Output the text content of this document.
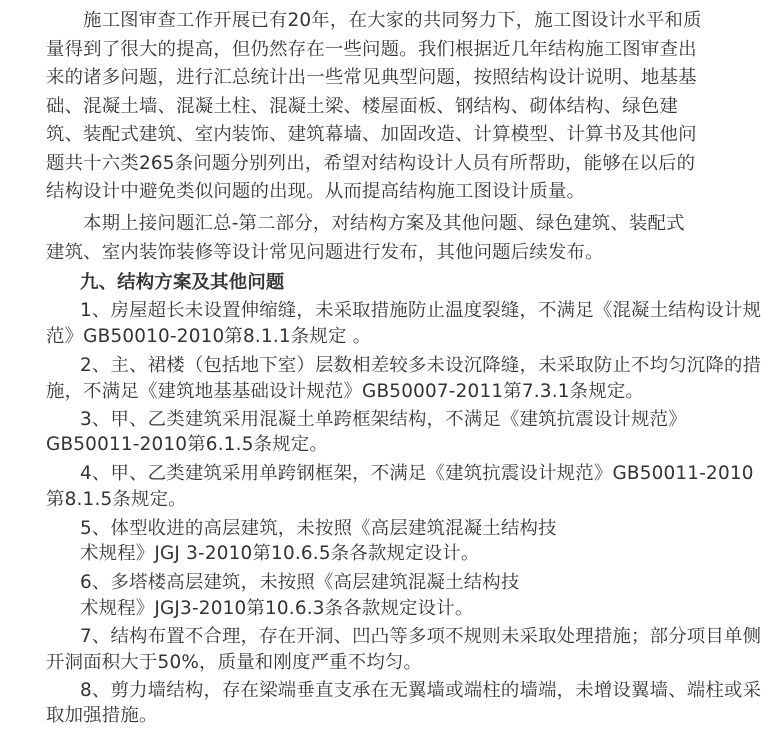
施工图审查工作开展已有20年，在大家的共同努力下，施工图设计水平和质
量得到了很大的提高，但仍然存在一些问题。我们根据近几年结构施工图审查出
来的诸多问题，进行汇总统计出一些常见典型问题，按照结构设计说明、地基基
础、混凝土墙、混凝土柱、混凝土梁、楼屋面板、钢结构、砌体结构、绿色建
筑、装配式建筑、室内装饰、建筑幕墙、加固改造、计算模型、计算书及其他问
题共十六类265条问题分别列出，希望对结构设计人员有所帮助，能够在以后的
结构设计中避免类似问题的出现。从而提高结构施工图设计质量。
本期上接问题汇总-第二部分，对结构方案及其他问题、绿色建筑、装配式
建筑、室内装饰装修等设计常见问题进行发布，其他问题后续发布。
九、结构方案及其他问题
1、房屋超长未设置伸缩缝，未采取措施防止温度裂缝，不满足《混凝土结构设计规
范》GB50010-2010第8.1.1条规定 。
2、主、裙楼（包括地下室）层数相差较多未设沉降缝，未采取防止不均匀沉降的措
施，不满足《建筑地基基础设计规范》GB50007-2011第7.3.1条规定。
3、甲、乙类建筑采用混凝土单跨框架结构，不满足《建筑抗震设计规范》
GB50011-2010第6.1.5条规定。
4、甲、乙类建筑采用单跨钢框架，不满足《建筑抗震设计规范》GB50011-2010
第8.1.5条规定。
5、体型收进的高层建筑，未按照《高层建筑混凝土结构技
术规程》JGJ 3-2010第10.6.5条各款规定设计。
6、多塔楼高层建筑，未按照《高层建筑混凝土结构技
术规程》JGJ3-2010第10.6.3条各款规定设计。
7、结构布置不合理，存在开洞、凹凸等多项不规则未采取处理措施；部分项目单侧
开洞面积大于50%，质量和刚度严重不均匀。
8、剪力墙结构，存在梁端垂直支承在无翼墙或端柱的墙端，未增设翼墙、端柱或采
取加强措施。
